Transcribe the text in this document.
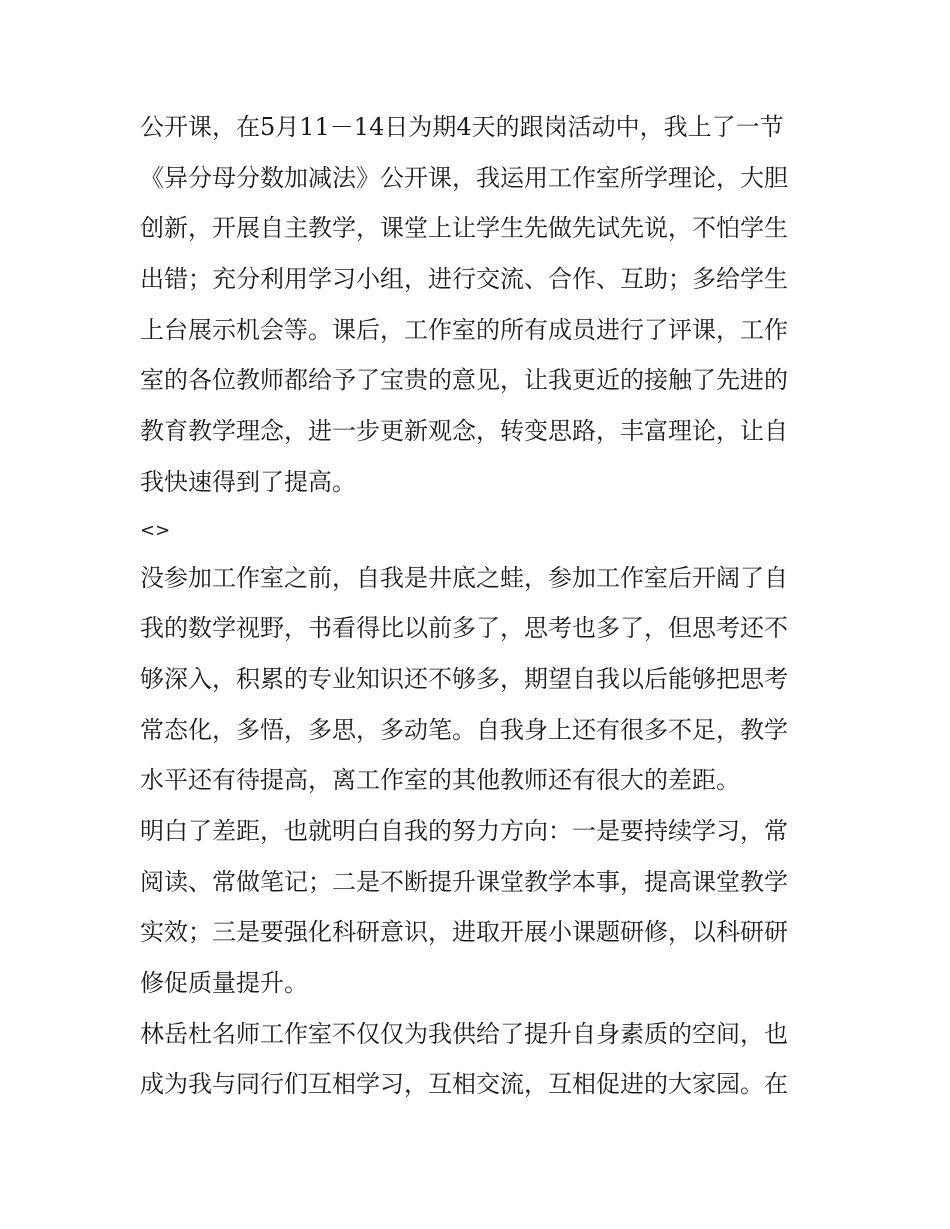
公开课，在5月11－14日为期4天的跟岗活动中，我上了一节
《异分母分数加减法》公开课，我运用工作室所学理论，大胆
创新，开展自主教学，课堂上让学生先做先试先说，不怕学生
出错；充分利用学习小组，进行交流、合作、互助；多给学生
上台展示机会等。课后，工作室的所有成员进行了评课，工作
室的各位教师都给予了宝贵的意见，让我更近的接触了先进的
教育教学理念，进一步更新观念，转变思路，丰富理论，让自
我快速得到了提高。
<>
没参加工作室之前，自我是井底之蛙，参加工作室后开阔了自
我的数学视野，书看得比以前多了，思考也多了，但思考还不
够深入，积累的专业知识还不够多，期望自我以后能够把思考
常态化，多悟，多思，多动笔。自我身上还有很多不足，教学
水平还有待提高，离工作室的其他教师还有很大的差距。
明白了差距，也就明白自我的努力方向：一是要持续学习，常
阅读、常做笔记；二是不断提升课堂教学本事，提高课堂教学
实效；三是要强化科研意识，进取开展小课题研修，以科研研
修促质量提升。
林岳杜名师工作室不仅仅为我供给了提升自身素质的空间，也
成为我与同行们互相学习，互相交流，互相促进的大家园。在
